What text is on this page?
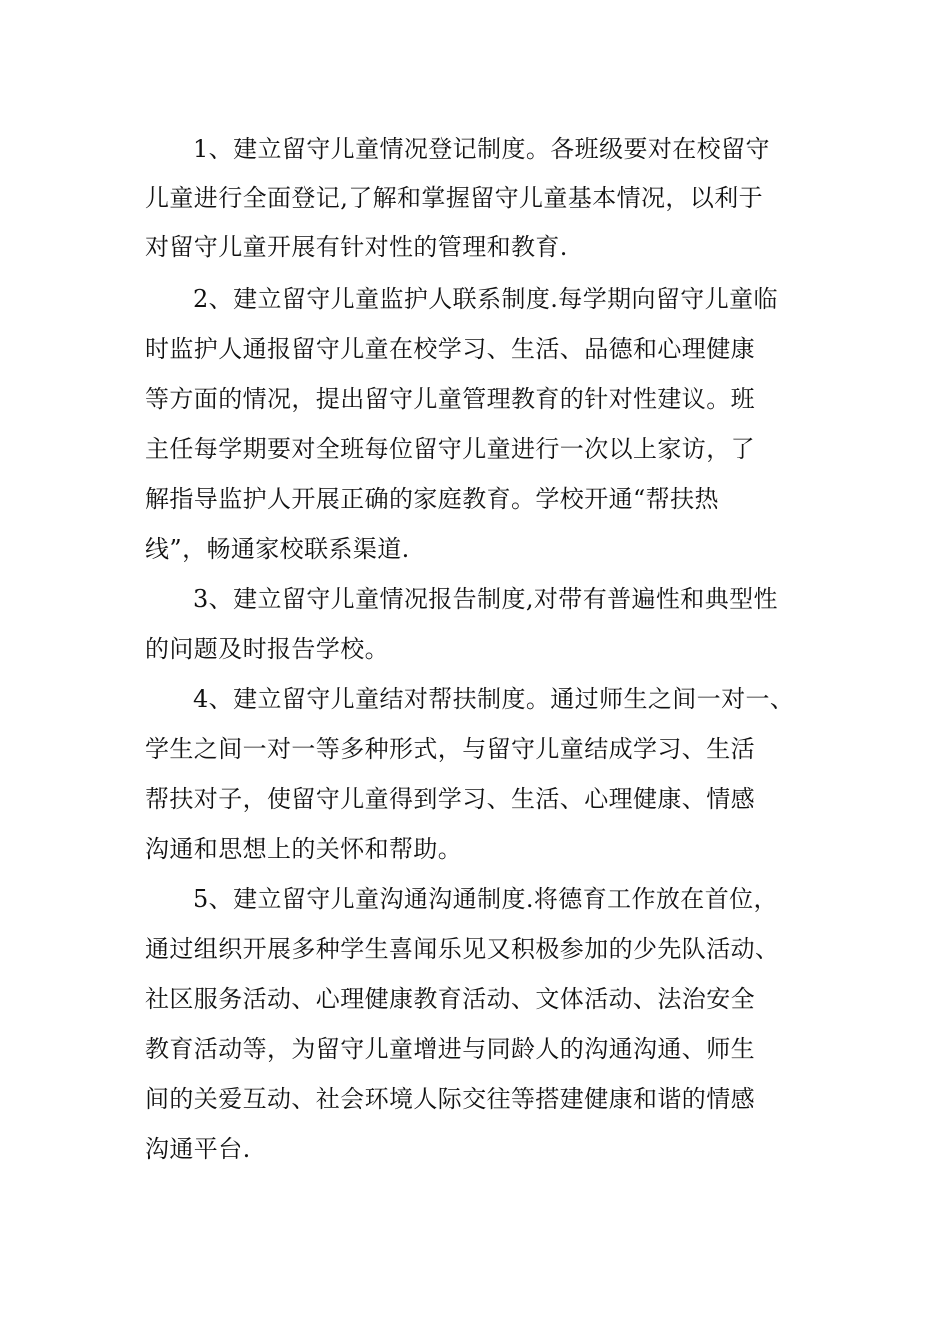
1、建立留守儿童情况登记制度。各班级要对在校留守

儿童进行全面登记,了解和掌握留守儿童基本情况，以利于

对留守儿童开展有针对性的管理和教育.

2、建立留守儿童监护人联系制度.每学期向留守儿童临

时监护人通报留守儿童在校学习、生活、品德和心理健康

等方面的情况，提出留守儿童管理教育的针对性建议。班

主任每学期要对全班每位留守儿童进行一次以上家访，了

解指导监护人开展正确的家庭教育。学校开通“帮扶热

线”，畅通家校联系渠道.

3、建立留守儿童情况报告制度,对带有普遍性和典型性

的问题及时报告学校。

4、建立留守儿童结对帮扶制度。通过师生之间一对一、

学生之间一对一等多种形式，与留守儿童结成学习、生活

帮扶对子，使留守儿童得到学习、生活、心理健康、情感

沟通和思想上的关怀和帮助。

5、建立留守儿童沟通沟通制度.将德育工作放在首位，

通过组织开展多种学生喜闻乐见又积极参加的少先队活动、

社区服务活动、心理健康教育活动、文体活动、法治安全

教育活动等，为留守儿童增进与同龄人的沟通沟通、师生

间的关爱互动、社会环境人际交往等搭建健康和谐的情感

沟通平台.
